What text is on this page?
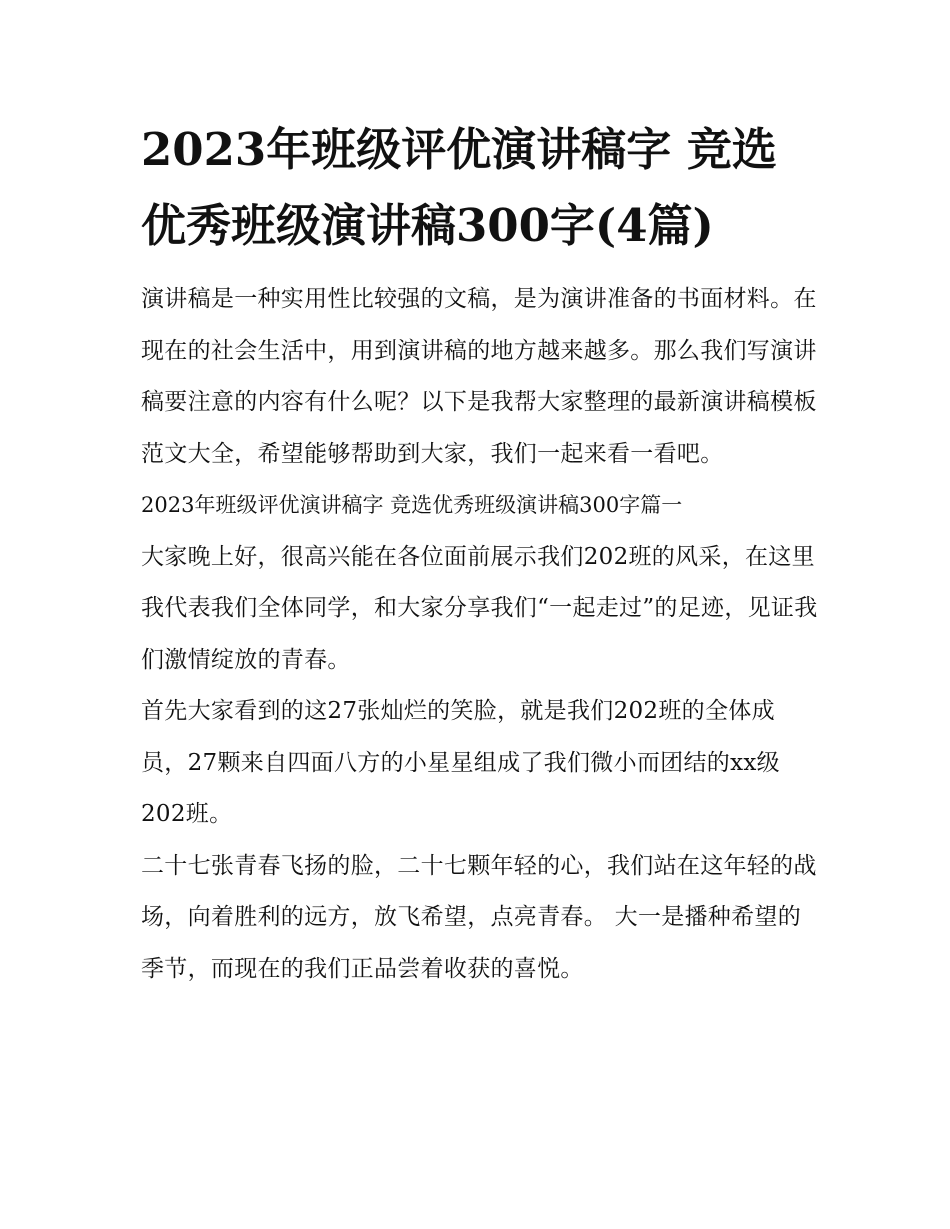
2023年班级评优演讲稿字 竞选优秀班级演讲稿300字(4篇)

演讲稿是一种实用性比较强的文稿，是为演讲准备的书面材料。在现在的社会生活中，用到演讲稿的地方越来越多。那么我们写演讲稿要注意的内容有什么呢？以下是我帮大家整理的最新演讲稿模板范文大全，希望能够帮助到大家，我们一起来看一看吧。

2023年班级评优演讲稿字 竞选优秀班级演讲稿300字篇一

大家晚上好，很高兴能在各位面前展示我们202班的风采，在这里我代表我们全体同学，和大家分享我们“一起走过”的足迹，见证我们激情绽放的青春。

首先大家看到的这27张灿烂的笑脸，就是我们202班的全体成员，27颗来自四面八方的小星星组成了我们微小而团结的xx级202班。

二十七张青春飞扬的脸，二十七颗年轻的心，我们站在这年轻的战场，向着胜利的远方，放飞希望，点亮青春。 大一是播种希望的季节，而现在的我们正品尝着收获的喜悦。
